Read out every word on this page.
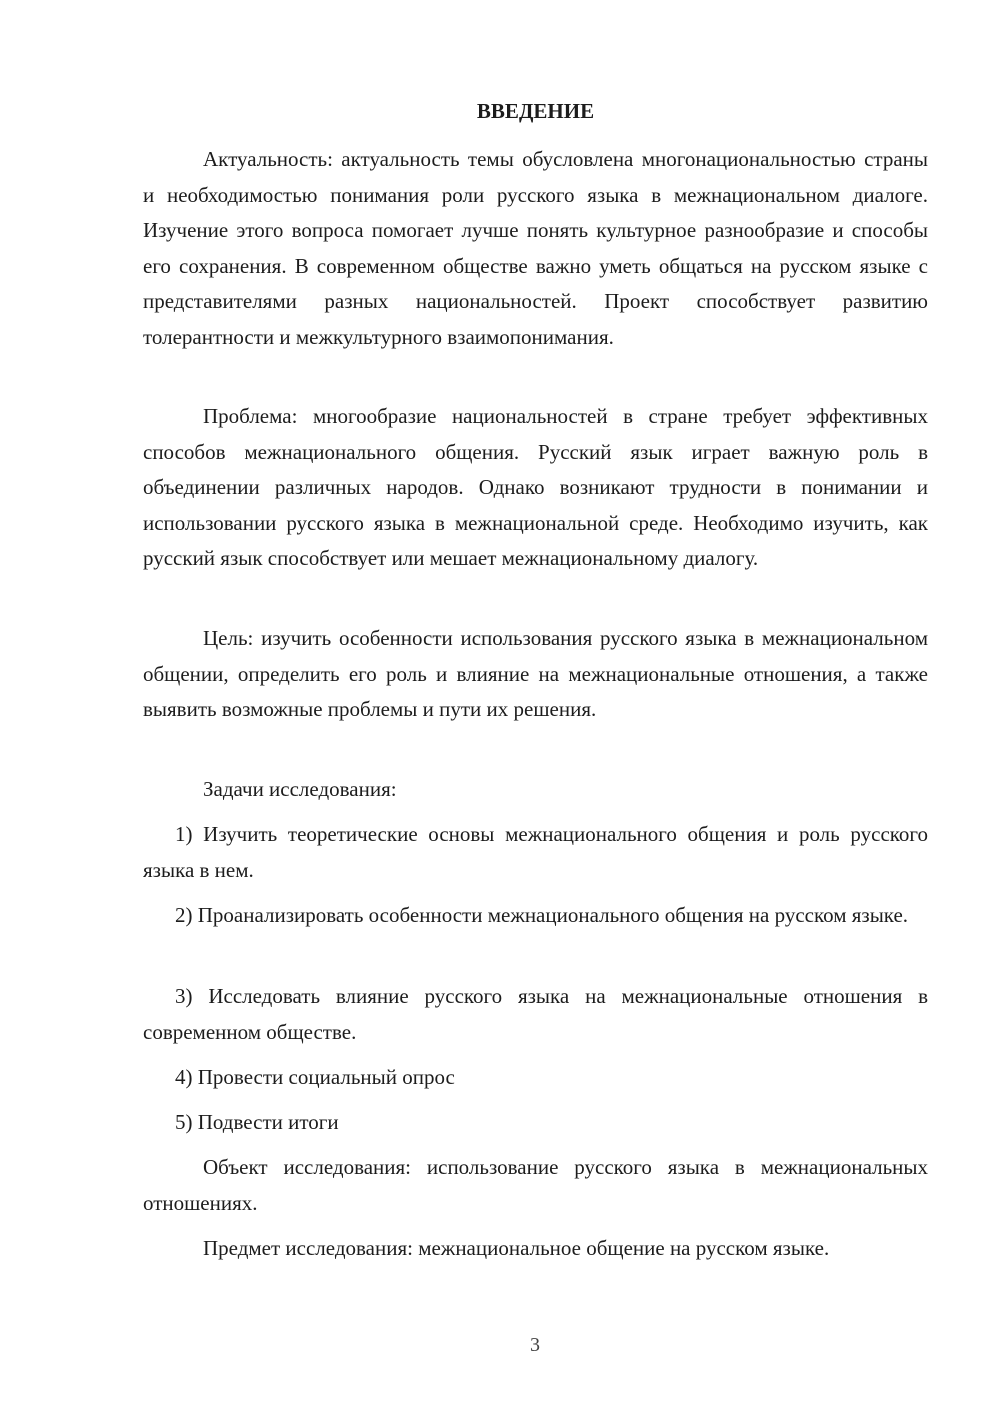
ВВЕДЕНИЕ

Актуальность: актуальность темы обусловлена многонациональностью страны и необходимостью понимания роли русского языка в межнациональном диалоге. Изучение этого вопроса помогает лучше понять культурное разнообразие и способы его сохранения. В современном обществе важно уметь общаться на русском языке с представителями разных национальностей. Проект способствует развитию толерантности и межкультурного взаимопонимания.

Проблема: многообразие национальностей в стране требует эффективных способов межнационального общения. Русский язык играет важную роль в объединении различных народов. Однако возникают трудности в понимании и использовании русского языка в межнациональной среде. Необходимо изучить, как русский язык способствует или мешает межнациональному диалогу.

Цель: изучить особенности использования русского языка в межнациональном общении, определить его роль и влияние на межнациональные отношения, а также выявить возможные проблемы и пути их решения.

Задачи исследования:

1) Изучить теоретические основы межнационального общения и роль русского языка в нем.

2) Проанализировать особенности межнационального общения на русском языке.

3) Исследовать влияние русского языка на межнациональные отношения в современном обществе.

4) Провести социальный опрос

5) Подвести итоги

Объект исследования: использование русского языка в межнациональных отношениях.

Предмет исследования: межнациональное общение на русском языке.

3
